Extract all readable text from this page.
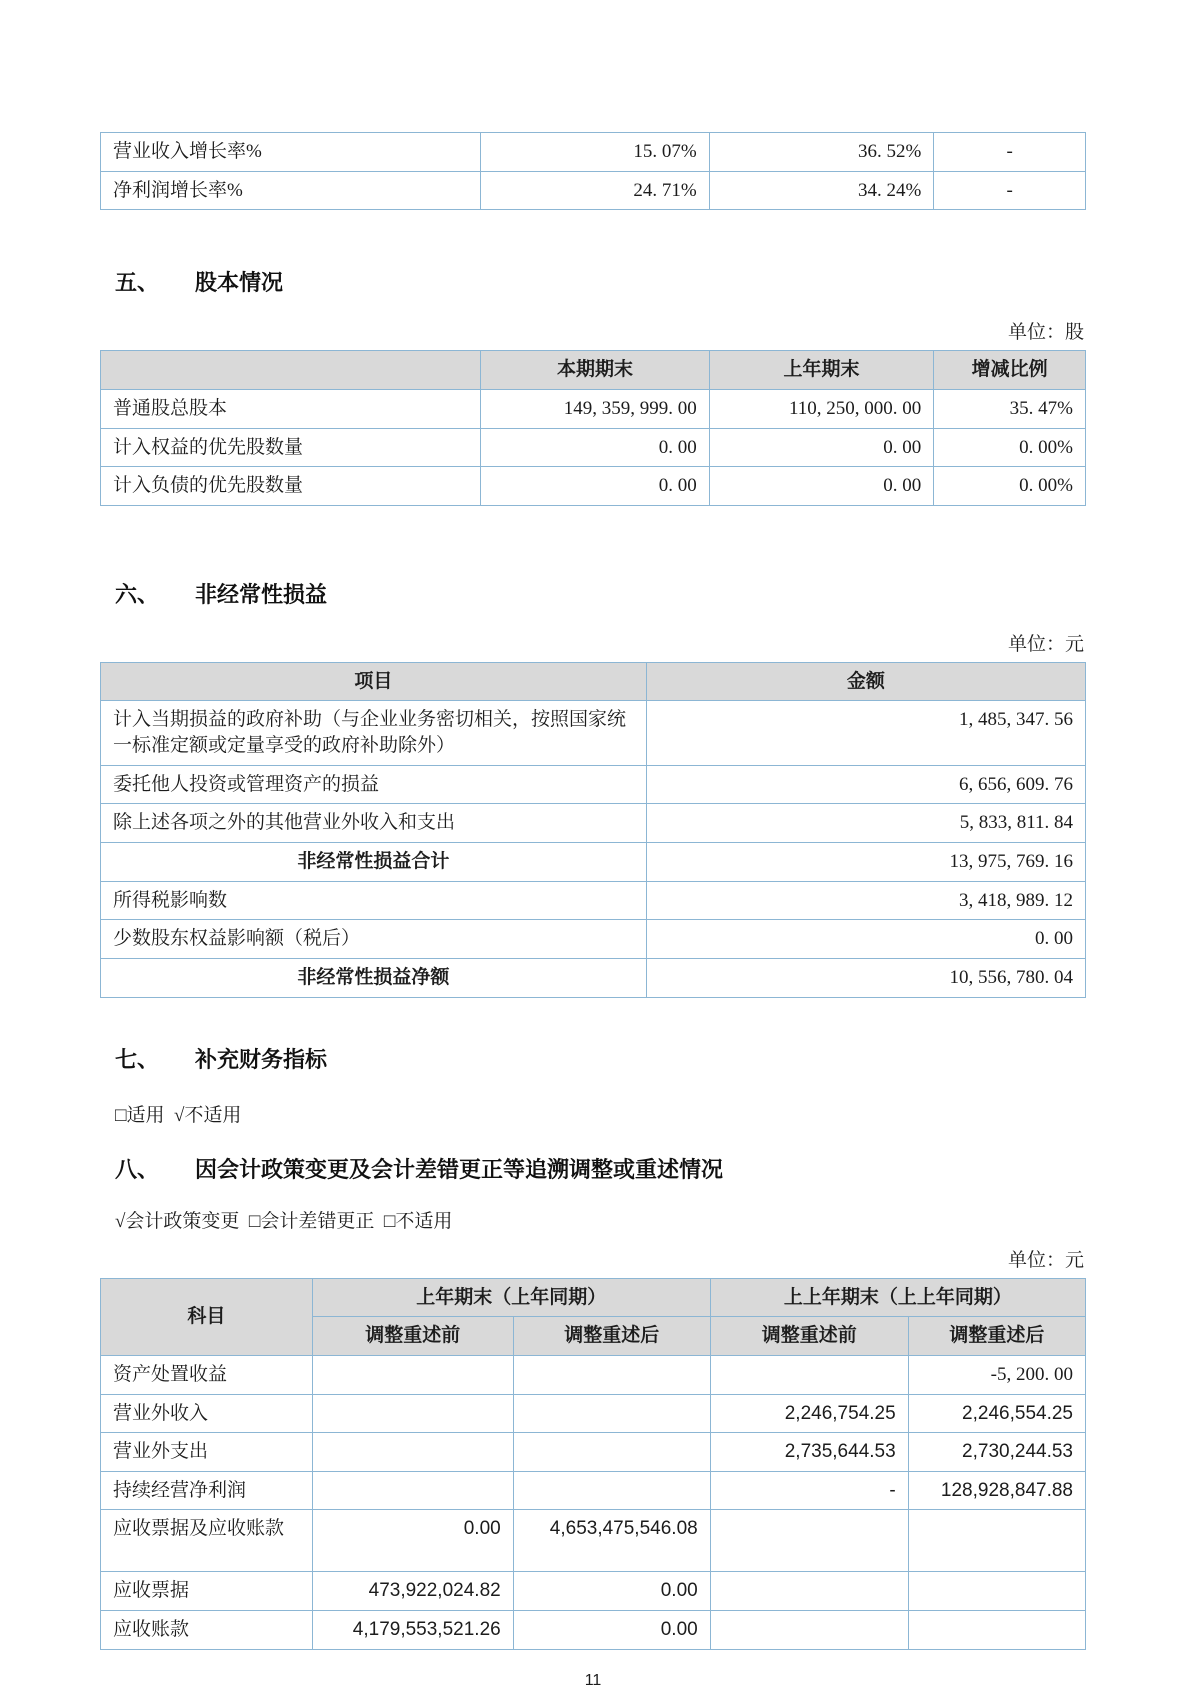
营业收入增长率%	15. 07%	36. 52%	-
净利润增长率%	24. 71%	34. 24%	-
五、	股本情况
单位：股
	本期期末	上年期末	增减比例
普通股总股本	149, 359, 999. 00	110, 250, 000. 00	35. 47%
计入权益的优先股数量	0. 00	0. 00	0. 00%
计入负债的优先股数量	0. 00	0. 00	0. 00%
六、	非经常性损益
单位：元
项目	金额
计入当期损益的政府补助（与企业业务密切相关，按照国家统一标准定额或定量享受的政府补助除外）	1, 485, 347. 56
委托他人投资或管理资产的损益	6, 656, 609. 76
除上述各项之外的其他营业外收入和支出	5, 833, 811. 84
非经常性损益合计	13, 975, 769. 16
所得税影响数	3, 418, 989. 12
少数股东权益影响额（税后）	0. 00
非经常性损益净额	10, 556, 780. 04
七、	补充财务指标
□适用  √不适用
八、	因会计政策变更及会计差错更正等追溯调整或重述情况
√会计政策变更  □会计差错更正  □不适用
单位：元
科目	上年期末（上年同期）		上上年期末（上上年同期）	
	调整重述前	调整重述后	调整重述前	调整重述后
资产处置收益				-5, 200. 00
营业外收入			2,246,754.25	2,246,554.25
营业外支出			2,735,644.53	2,730,244.53
持续经营净利润			-	128,928,847.88
应收票据及应收账款	0.00	4,653,475,546.08		
应收票据	473,922,024.82	0.00		
应收账款	4,179,553,521.26	0.00		
11
